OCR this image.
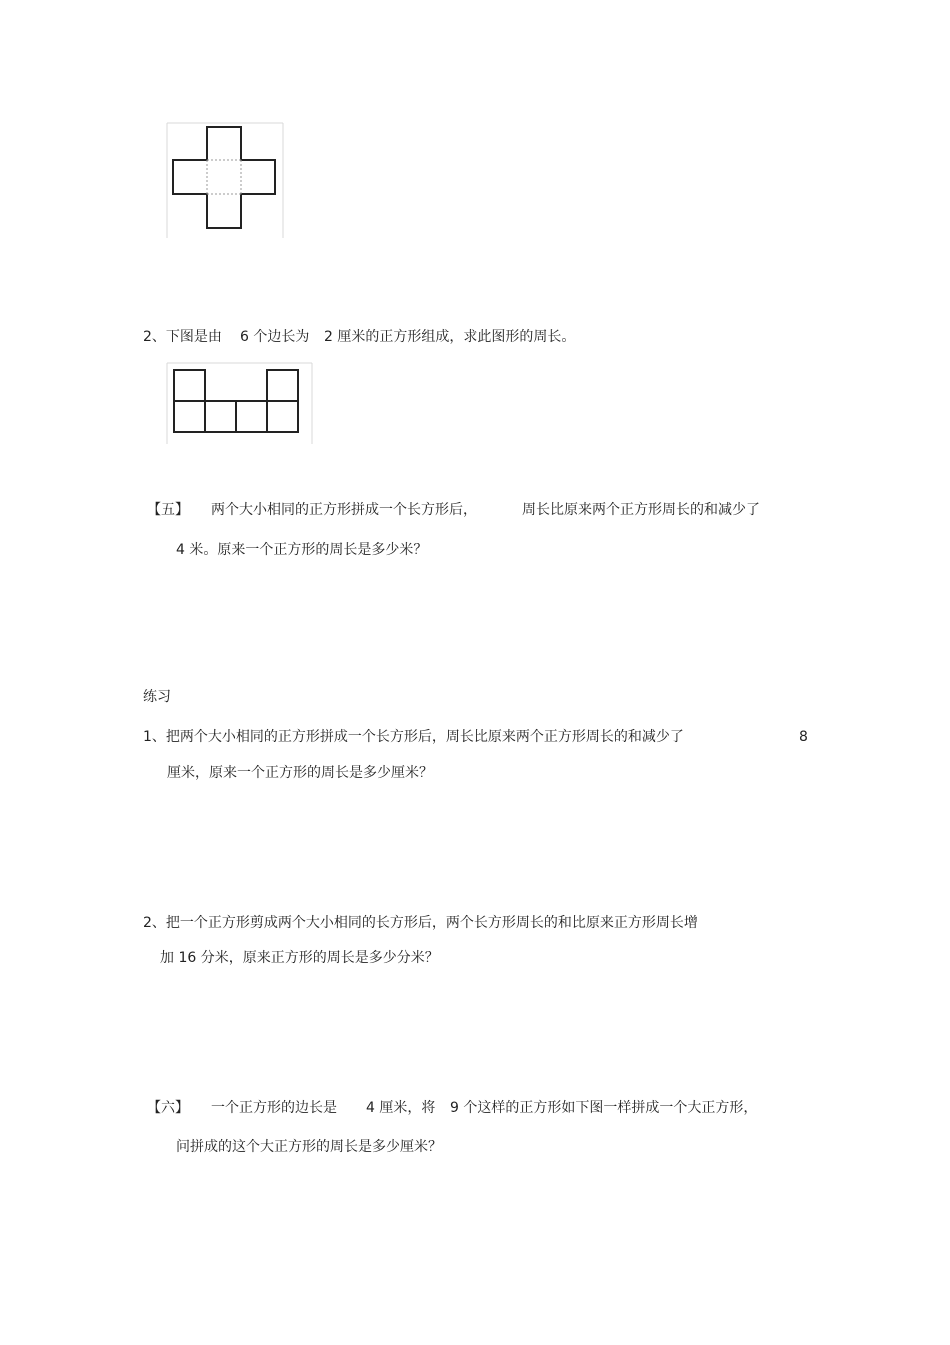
2、下图是由 6 个边长为 2 厘米的正方形组成，求此图形的周长。
【五】 两个大小相同的正方形拼成一个长方形后，	周长比原来两个正方形周长的和减少了
4 米。原来一个正方形的周长是多少米？
练习
1、把两个大小相同的正方形拼成一个长方形后，周长比原来两个正方形周长的和减少了	8
厘米，原来一个正方形的周长是多少厘米？
2、把一个正方形剪成两个大小相同的长方形后，两个长方形周长的和比原来正方形周长增
加 16 分米，原来正方形的周长是多少分米？
【六】 一个正方形的边长是 4 厘米，将 9 个这样的正方形如下图一样拼成一个大正方形，
问拼成的这个大正方形的周长是多少厘米？
